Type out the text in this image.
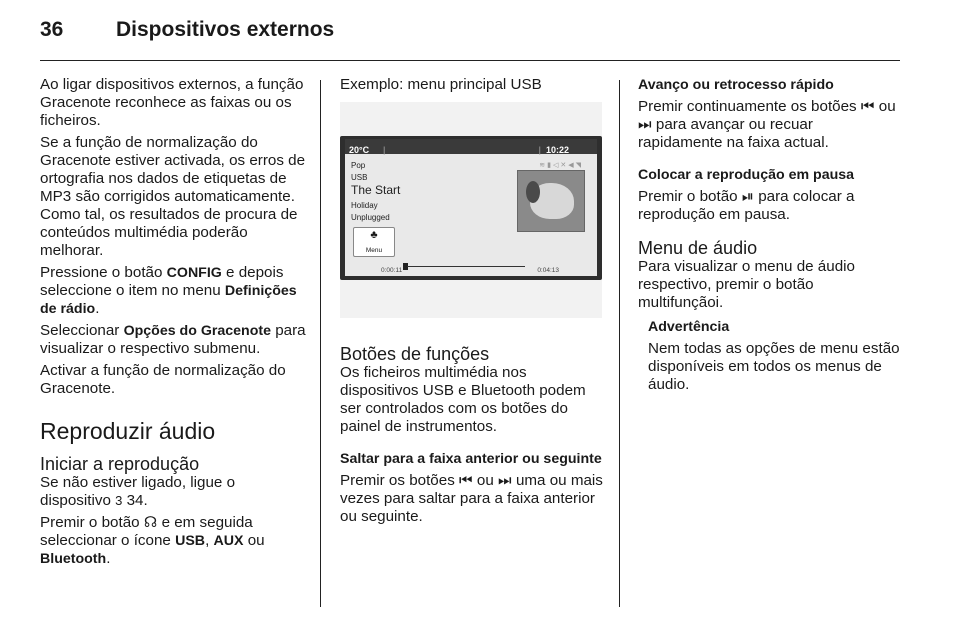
36	Dispositivos externos

Ao ligar dispositivos externos, a função Gracenote reconhece as faixas ou os ficheiros.

Se a função de normalização do Gracenote estiver activada, os erros de ortografia nos dados de etiquetas de MP3 são corrigidos automaticamente. Como tal, os resultados de procura de conteúdos multimédia poderão melhorar.

Pressione o botão CONFIG e depois seleccione o item no menu Definições de rádio.

Seleccionar Opções do Gracenote para visualizar o respectivo submenu.

Activar a função de normalização do Gracenote.

Reproduzir áudio
Iniciar a reprodução

Se não estiver ligado, ligue o dispositivo 3 34.

Premir o botão ☊ e em seguida seleccionar o ícone USB, AUX ou Bluetooth.

Exemplo: menu principal USB

20°C |	| 10:22
≋▮◁✕◀◥
Pop
USB
The Start
Holiday
Unplugged
♣
Menu
0:00:11	0:04:13
Botões de funções

Os ficheiros multimédia nos dispositivos USB e Bluetooth podem ser controlados com os botões do painel de instrumentos.

Saltar para a faixa anterior ou seguinte

Premir os botões ⏮ ou ⏭ uma ou mais vezes para saltar para a faixa anterior ou seguinte.

Avanço ou retrocesso rápido

Premir continuamente os botões ⏮ ou ⏭ para avançar ou recuar rapidamente na faixa actual.

Colocar a reprodução em pausa

Premir o botão ⏯ para colocar a reprodução em pausa.

Menu de áudio

Para visualizar o menu de áudio respectivo, premir o botão multifunçãoi.

Advertência

Nem todas as opções de menu estão disponíveis em todos os menus de áudio.
